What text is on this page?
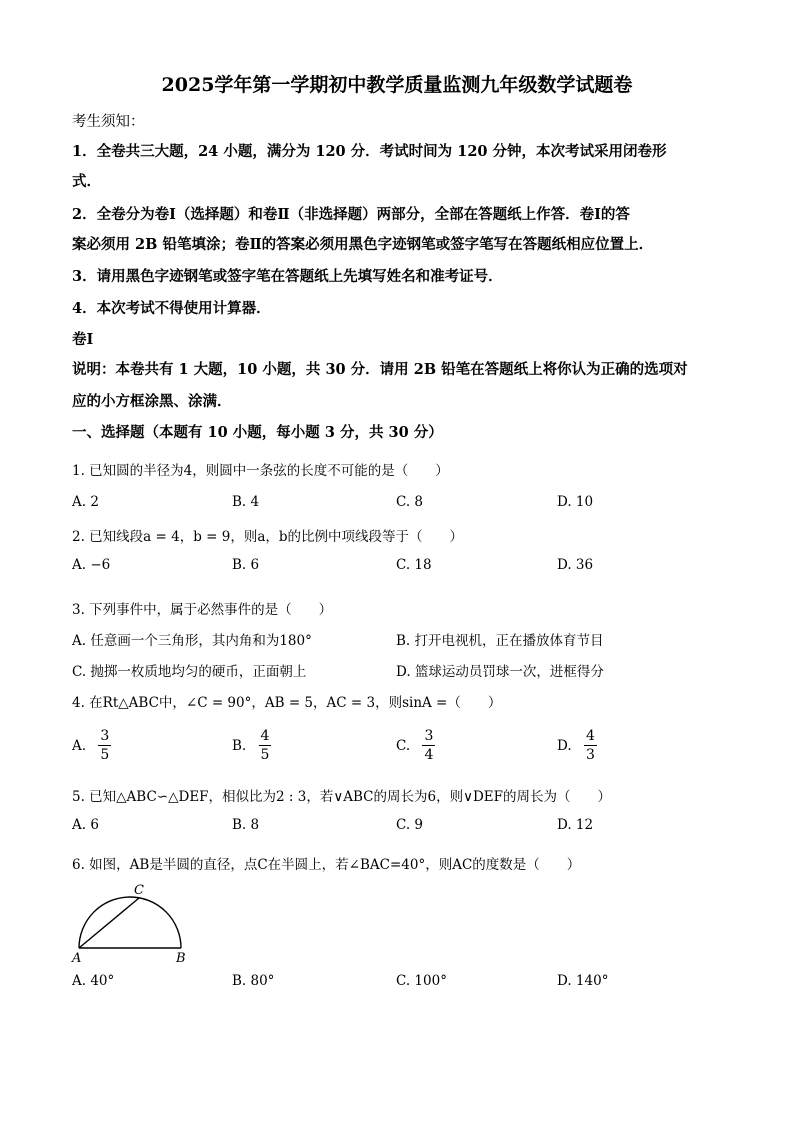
2025学年第一学期初中教学质量监测九年级数学试题卷
考生须知：
1．全卷共三大题，24 小题，满分为 120 分．考试时间为 120 分钟，本次考试采用闭卷形
式．
2．全卷分为卷Ⅰ（选择题）和卷Ⅱ（非选择题）两部分，全部在答题纸上作答．卷Ⅰ的答
案必须用 2B 铅笔填涂；卷Ⅱ的答案必须用黑色字迹钢笔或签字笔写在答题纸相应位置上．
3．请用黑色字迹钢笔或签字笔在答题纸上先填写姓名和准考证号．
4．本次考试不得使用计算器．
卷Ⅰ
说明：本卷共有 1 大题，10 小题，共 30 分．请用 2B 铅笔在答题纸上将你认为正确的选项对
应的小方框涂黑、涂满．
一、选择题（本题有 10 小题，每小题 3 分，共 30 分）
1. 已知圆的半径为4，则圆中一条弦的长度不可能的是（　　）
A. 2	B. 4	C. 8	D. 10
2. 已知线段a = 4，b = 9，则a，b的比例中项线段等于（　　）
A. −6	B. 6	C. 18	D. 36
3. 下列事件中，属于必然事件的是（　　）
A. 任意画一个三角形，其内角和为180°	B. 打开电视机，正在播放体育节目
C. 抛掷一枚质地均匀的硬币，正面朝上	D. 篮球运动员罚球一次，进框得分
4. 在Rt△ABC中，∠C = 90°，AB = 5，AC = 3，则sinA =（　　）
A. $\frac{3}{5}$	B. $\frac{4}{5}$	C. $\frac{3}{4}$	D. $\frac{4}{3}$
5. 已知△ABC∽△DEF，相似比为2 : 3，若∨ABC的周长为6，则∨DEF的周长为（　　）
A. 6	B. 8	C. 9	D. 12
6. 如图，AB是半圆的直径，点C在半圆上，若∠BAC=40°，则AC的度数是（　　）
A	B
C
A. 40°	B. 80°	C. 100°	D. 140°
